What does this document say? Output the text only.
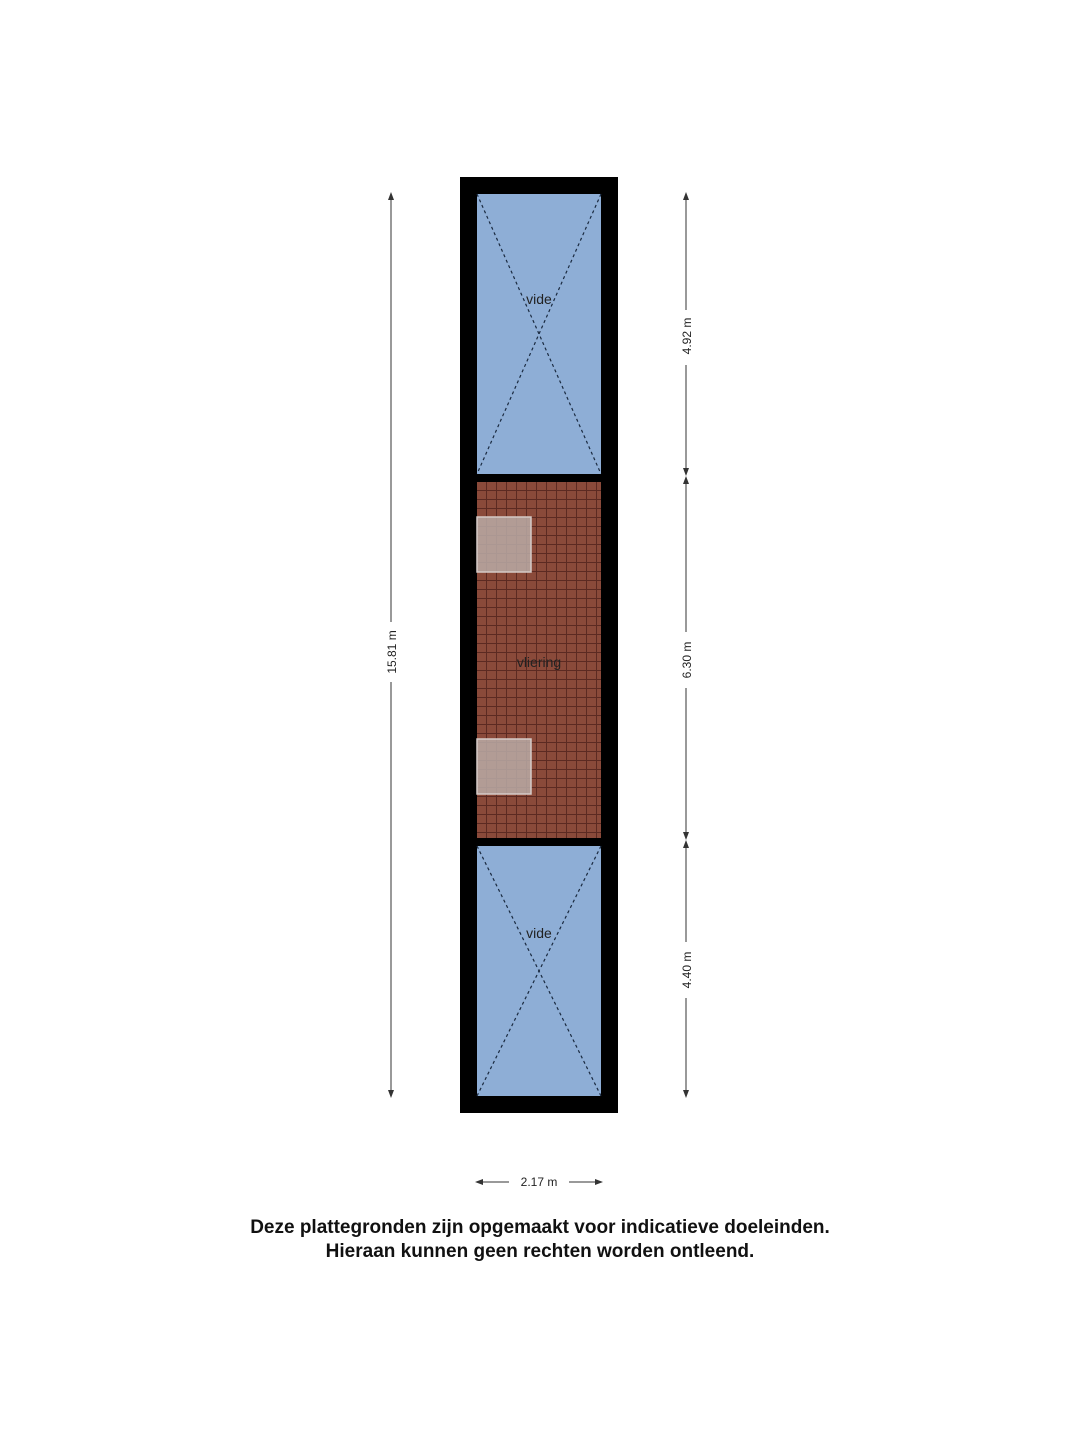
vide
vliering
vide
15.81 m
4.92 m
6.30 m
4.40 m
2.17 m
Deze plattegronden zijn opgemaakt voor indicatieve doeleinden.
Hieraan kunnen geen rechten worden ontleend.
